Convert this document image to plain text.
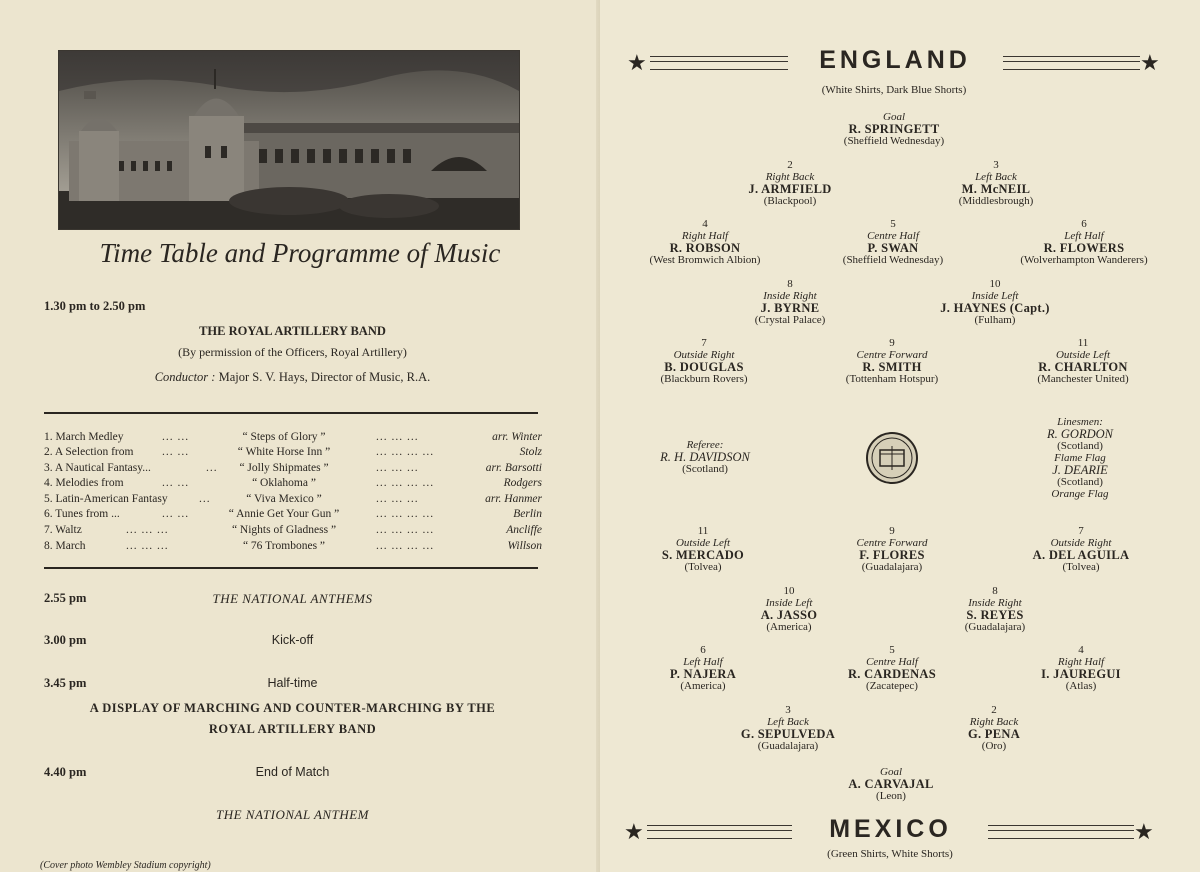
Time Table and Programme of Music
1.30 pm to 2.50 pm
THE ROYAL ARTILLERY BAND
(By permission of the Officers, Royal Artillery)
Conductor : Major S. V. Hays, Director of Music, R.A.
1. March Medley	... ...	“ Steps of Glory ”	... ... ...	arr. Winter
2. A Selection from ... ...	“ White Horse Inn ”	... ... ... ...	Stolz
3. A Nautical Fantasy...	...	“ Jolly Shipmates ”	... ... ...	arr. Barsotti
4. Melodies from	... ...	“ Oklahoma ”	... ... ... ...	Rodgers
5. Latin-American Fantasy	...	“ Viva Mexico ”	... ... ...	arr. Hanmer
6. Tunes from ...	... ...	“ Annie Get Your Gun ”	... ... ... ...	Berlin
7. Waltz	... ... ...	“ Nights of Gladness ”	... ... ... ...	Ancliffe
8. March	... ... ...	“ 76 Trombones ”	... ... ... ...	Willson
2.55 pm	THE NATIONAL ANTHEMS
3.00 pm	Kick-off
3.45 pm	Half-time
A DISPLAY OF MARCHING AND COUNTER-MARCHING BY THE
ROYAL ARTILLERY BAND
4.40 pm	End of Match
THE NATIONAL ANTHEM
(Cover photo Wembley Stadium copyright)
★	ENGLAND	★
(White Shirts, Dark Blue Shorts)
Goal
R. SPRINGETT
(Sheffield Wednesday)
2
Right Back
J. ARMFIELD
(Blackpool)
3
Left Back
M. McNEIL
(Middlesbrough)
4
Right Half
R. ROBSON
(West Bromwich Albion)
5
Centre Half
P. SWAN
(Sheffield Wednesday)
6
Left Half
R. FLOWERS
(Wolverhampton Wanderers)
8
Inside Right
J. BYRNE
(Crystal Palace)
10
Inside Left
J. HAYNES (Capt.)
(Fulham)
7
Outside Right
B. DOUGLAS
(Blackburn Rovers)
9
Centre Forward
R. SMITH
(Tottenham Hotspur)
11
Outside Left
R. CHARLTON
(Manchester United)
Referee:
R. H. DAVIDSON
(Scotland)
Linesmen:
R. GORDON
(Scotland)
Flame Flag
J. DEARIE
(Scotland)
Orange Flag
11
Outside Left
S. MERCADO
(Tolvea)
9
Centre Forward
F. FLORES
(Guadalajara)
7
Outside Right
A. DEL AGUILA
(Tolvea)
10
Inside Left
A. JASSO
(America)
8
Inside Right
S. REYES
(Guadalajara)
6
Left Half
P. NAJERA
(America)
5
Centre Half
R. CARDENAS
(Zacatepec)
4
Right Half
I. JAUREGUI
(Atlas)
3
Left Back
G. SEPULVEDA
(Guadalajara)
2
Right Back
G. PENA
(Oro)
Goal
A. CARVAJAL
(Leon)
★	MEXICO	★
(Green Shirts, White Shorts)
